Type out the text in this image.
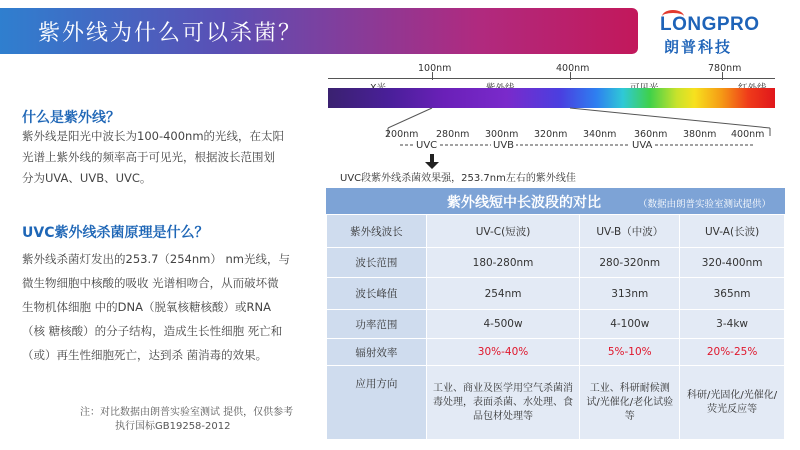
紫外线为什么可以杀菌？	LONGPRO
朗普科技
什么是紫外线？
紫外线是阳光中波长为100-400nm的光线，在太阳
光谱上紫外线的频率高于可见光，根据波长范围划
分为UVA、UVB、UVC。
UVC紫外线杀菌原理是什么？
紫外线杀菌灯发出的253.7（254nm） nm光线，与
微生物细胞中核酸的吸收 光谱相吻合，从而破坏微
生物机体细胞 中的DNA（脱氧核糖核酸）或RNA
（核 糖核酸）的分子结构，造成生长性细胞 死亡和
（或）再生性细胞死亡，达到杀 菌消毒的效果。
注：对比数据由朗普实验室测试 提供，仅供参考
执行国标GB19258-2012
100nm	400nm	780nm
200nm 280nm 300nm 320nm 340nm 360nm 380nm 400nm
UVC	UVB	UVA
UVC段紫外线杀菌效果强，253.7nm左右的紫外线佳
紫外线短中长波段的对比	（数据由朗普实验室测试提供）
紫外线波长	UV-C(短波)	UV-B（中波）	UV-A(长波)
波长范围	180-280nm	280-320nm	320-400nm
波长峰值	254nm	313nm	365nm
功率范围	4-500w	4-100w	3-4kw
辐射效率	30%-40%	5%-10%	20%-25%
应用方向	工业、商业及医学用空气杀菌消毒处理，表面杀菌、水处理、食品包材处理等	工业、科研耐候测试/光催化/老化试验等	科研/光固化/光催化/ 荧光反应等
